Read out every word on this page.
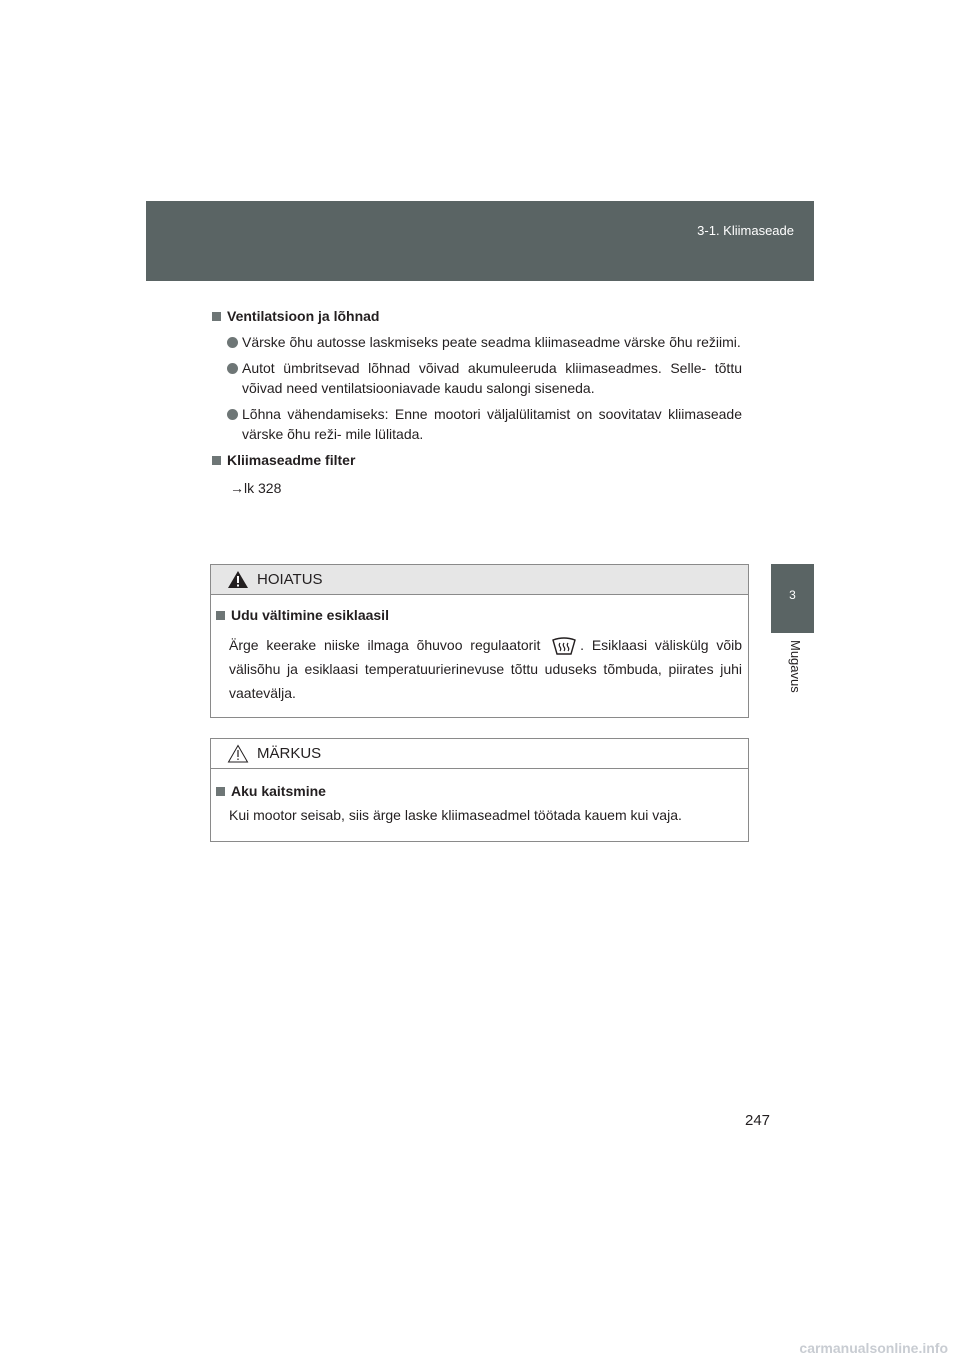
3-1. Kliimaseade
3
Mugavus
Ventilatsioon ja lõhnad
Värske õhu autosse laskmiseks peate seadma kliimaseadme värske õhu režiimi.
Autot ümbritsevad lõhnad võivad akumuleeruda kliimaseadmes. Selle- tõttu võivad need ventilatsiooniavade kaudu salongi siseneda.
Lõhna vähendamiseks: Enne mootori väljalülitamist on soovitatav kliimaseade värske õhu reži- mile lülitada.
Kliimaseadme filter
→lk 328
HOIATUS
Udu vältimine esiklaasil
Ärge keerake niiske ilmaga õhuvoo regulaatorit	. Esiklaasi väliskülg võib välisõhu ja esiklaasi temperatuurierinevuse tõttu uduseks tõmbuda, piirates juhi vaatevälja.
MÄRKUS
Aku kaitsmine
Kui mootor seisab, siis ärge laske kliimaseadmel töötada kauem kui vaja.
247
carmanualsonline.info
